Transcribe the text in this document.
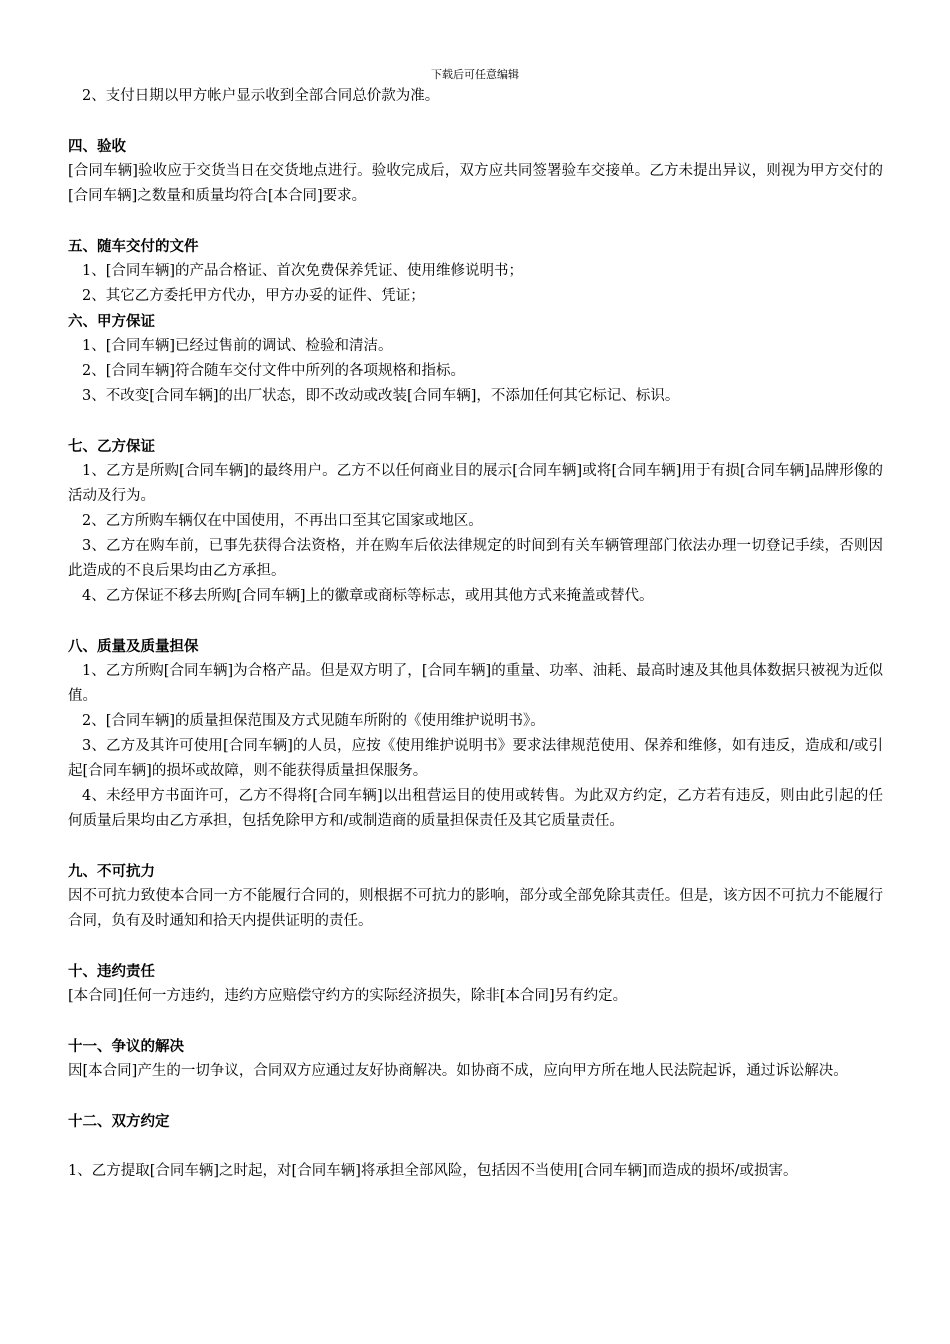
下载后可任意编辑
2、支付日期以甲方帐户显示收到全部合同总价款为准。
四、验收
[合同车辆]验收应于交货当日在交货地点进行。验收完成后，双方应共同签署验车交接单。乙方未提出异议，则视为甲方交付的[合同车辆]之数量和质量均符合[本合同]要求。
五、随车交付的文件
1、[合同车辆]的产品合格证、首次免费保养凭证、使用维修说明书；
2、其它乙方委托甲方代办，甲方办妥的证件、凭证；
六、甲方保证
1、[合同车辆]已经过售前的调试、检验和清洁。
2、[合同车辆]符合随车交付文件中所列的各项规格和指标。
3、不改变[合同车辆]的出厂状态，即不改动或改装[合同车辆]，不添加任何其它标记、标识。
七、乙方保证
1、乙方是所购[合同车辆]的最终用户。乙方不以任何商业目的展示[合同车辆]或将[合同车辆]用于有损[合同车辆]品牌形像的活动及行为。
2、乙方所购车辆仅在中国使用，不再出口至其它国家或地区。
3、乙方在购车前，已事先获得合法资格，并在购车后依法律规定的时间到有关车辆管理部门依法办理一切登记手续，否则因此造成的不良后果均由乙方承担。
4、乙方保证不移去所购[合同车辆]上的徽章或商标等标志，或用其他方式来掩盖或替代。
八、质量及质量担保
1、乙方所购[合同车辆]为合格产品。但是双方明了，[合同车辆]的重量、功率、油耗、最高时速及其他具体数据只被视为近似值。
2、[合同车辆]的质量担保范围及方式见随车所附的《使用维护说明书》。
3、乙方及其许可使用[合同车辆]的人员，应按《使用维护说明书》要求法律规范使用、保养和维修，如有违反，造成和/或引起[合同车辆]的损坏或故障，则不能获得质量担保服务。
4、未经甲方书面许可，乙方不得将[合同车辆]以出租营运目的使用或转售。为此双方约定，乙方若有违反，则由此引起的任何质量后果均由乙方承担，包括免除甲方和/或制造商的质量担保责任及其它质量责任。
九、不可抗力
因不可抗力致使本合同一方不能履行合同的，则根据不可抗力的影响，部分或全部免除其责任。但是，该方因不可抗力不能履行合同，负有及时通知和拾天内提供证明的责任。
十、违约责任
[本合同]任何一方违约，违约方应赔偿守约方的实际经济损失，除非[本合同]另有约定。
十一、争议的解决
因[本合同]产生的一切争议，合同双方应通过友好协商解决。如协商不成，应向甲方所在地人民法院起诉，通过诉讼解决。
十二、双方约定
1、乙方提取[合同车辆]之时起，对[合同车辆]将承担全部风险，包括因不当使用[合同车辆]而造成的损坏/或损害。
